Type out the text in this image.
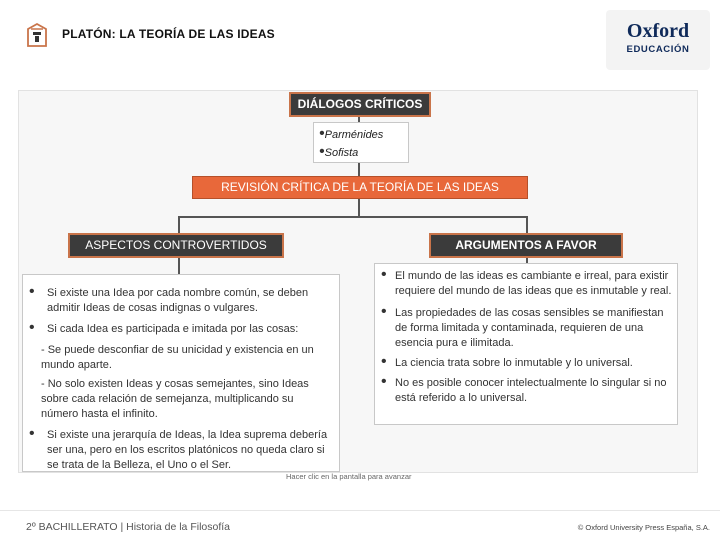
PLATÓN: LA TEORÍA DE LAS IDEAS	Oxford
EDUCACIÓN
DIÁLOGOS CRÍTICOS
•Parménides
•Sofista
REVISIÓN CRÍTICA DE LA TEORÍA DE LAS IDEAS
ASPECTOS CONTROVERTIDOS	ARGUMENTOS A FAVOR
• Si existe una Idea por cada nombre común, se deben admitir Ideas de cosas indignas o vulgares.
• Si cada Idea es participada e imitada por las cosas:
- Se puede desconfiar de su unicidad y existencia en un mundo aparte.
- No solo existen Ideas y cosas semejantes, sino Ideas sobre cada relación de semejanza, multiplicando su número hasta el infinito.
• Si existe una jerarquía de Ideas, la Idea suprema debería ser una, pero en los escritos platónicos no queda claro si se trata de la Belleza, el Uno o el Ser.
• El mundo de las ideas es cambiante e irreal, para existir requiere del mundo de las ideas que es inmutable y real.
• Las propiedades de las cosas sensibles se manifiestan de forma limitada y contaminada, requieren de una esencia pura e ilimitada.
• La ciencia trata sobre lo inmutable y lo universal.
• No es posible conocer intelectualmente lo singular si no está referido a lo universal.
Hacer clic en la pantalla para avanzar
2º BACHILLERATO | Historia de la Filosofía	© Oxford University Press España, S.A.
